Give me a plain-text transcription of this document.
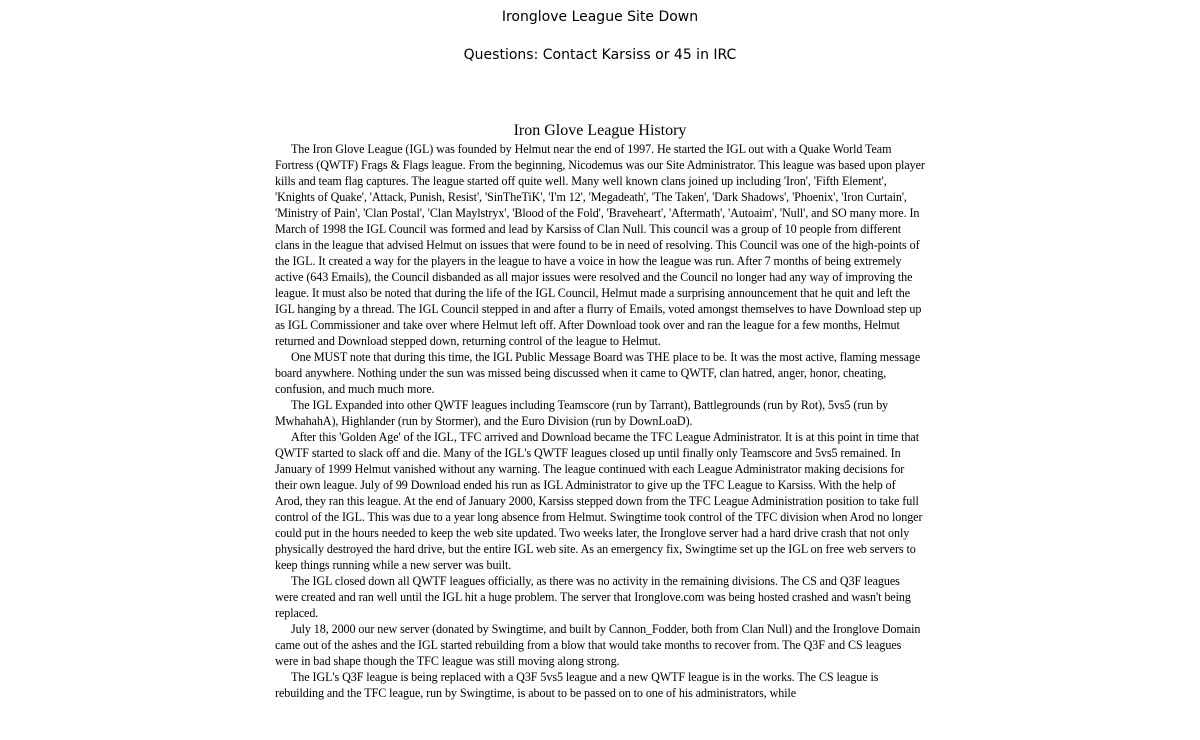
Ironglove League Site Down
Questions: Contact Karsiss or 45 in IRC
Iron Glove League History

The Iron Glove League (IGL) was founded by Helmut near the end of 1997. He started the IGL out with a Quake World Team Fortress (QWTF) Frags & Flags league. From the beginning, Nicodemus was our Site Administrator. This league was based upon player kills and team flag captures. The league started off quite well. Many well known clans joined up including 'Iron', 'Fifth Element', 'Knights of Quake', 'Attack, Punish, Resist', 'SinTheTiK', 'I'm 12', 'Megadeath', 'The Taken', 'Dark Shadows', 'Phoenix', 'Iron Curtain', 'Ministry of Pain', 'Clan Postal', 'Clan Maylstryx', 'Blood of the Fold', 'Braveheart', 'Aftermath', 'Autoaim', 'Null', and SO many more. In March of 1998 the IGL Council was formed and lead by Karsiss of Clan Null. This council was a group of 10 people from different clans in the league that advised Helmut on issues that were found to be in need of resolving. This Council was one of the high-points of the IGL. It created a way for the players in the league to have a voice in how the league was run. After 7 months of being extremely active (643 Emails), the Council disbanded as all major issues were resolved and the Council no longer had any way of improving the league. It must also be noted that during the life of the IGL Council, Helmut made a surprising announcement that he quit and left the IGL hanging by a thread. The IGL Council stepped in and after a flurry of Emails, voted amongst themselves to have Download step up as IGL Commissioner and take over where Helmut left off. After Download took over and ran the league for a few months, Helmut returned and Download stepped down, returning control of the league to Helmut.

One MUST note that during this time, the IGL Public Message Board was THE place to be. It was the most active, flaming message board anywhere. Nothing under the sun was missed being discussed when it came to QWTF, clan hatred, anger, honor, cheating, confusion, and much much more.

The IGL Expanded into other QWTF leagues including Teamscore (run by Tarrant), Battlegrounds (run by Rot), 5vs5 (run by MwhahahA), Highlander (run by Stormer), and the Euro Division (run by DownLoaD).

After this 'Golden Age' of the IGL, TFC arrived and Download became the TFC League Administrator. It is at this point in time that QWTF started to slack off and die. Many of the IGL's QWTF leagues closed up until finally only Teamscore and 5vs5 remained. In January of 1999 Helmut vanished without any warning. The league continued with each League Administrator making decisions for their own league. July of 99 Download ended his run as IGL Administrator to give up the TFC League to Karsiss. With the help of Arod, they ran this league. At the end of January 2000, Karsiss stepped down from the TFC League Administration position to take full control of the IGL. This was due to a year long absence from Helmut. Swingtime took control of the TFC division when Arod no longer could put in the hours needed to keep the web site updated. Two weeks later, the Ironglove server had a hard drive crash that not only physically destroyed the hard drive, but the entire IGL web site. As an emergency fix, Swingtime set up the IGL on free web servers to keep things running while a new server was built.

The IGL closed down all QWTF leagues officially, as there was no activity in the remaining divisions. The CS and Q3F leagues were created and ran well until the IGL hit a huge problem. The server that Ironglove.com was being hosted crashed and wasn't being replaced.

July 18, 2000 our new server (donated by Swingtime, and built by Cannon_Fodder, both from Clan Null) and the Ironglove Domain came out of the ashes and the IGL started rebuilding from a blow that would take months to recover from. The Q3F and CS leagues were in bad shape though the TFC league was still moving along strong.

The IGL's Q3F league is being replaced with a Q3F 5vs5 league and a new QWTF league is in the works. The CS league is rebuilding and the TFC league, run by Swingtime, is about to be passed on to one of his administrators, while
